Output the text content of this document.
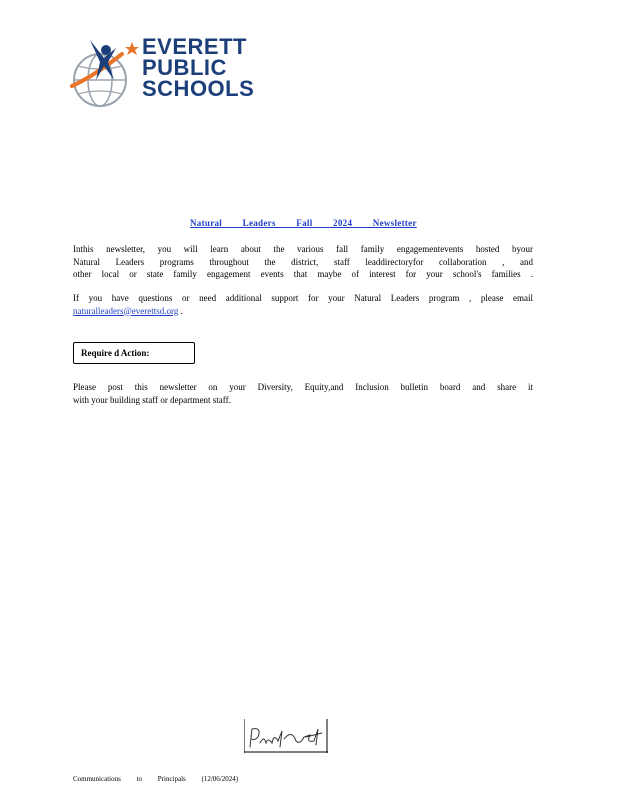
EVERETT
PUBLIC
SCHOOLS
Natural Leaders Fall 2024 Newsletter
Inthis newsletter, you will learn about the various fall family engagementevents hosted byour
Natural Leaders programs throughout the district, staff leaddirectoryfor collaboration , and
other local or state family engagement events that maybe of interest for your school's families .
If you have questions or need additional support for your Natural Leaders program , please email
naturalleaders@everettsd.org .
Require d Action:
Please post this newsletter on your Diversity, Equity,and Inclusion bulletin board and share it
with your building staff or department staff.
Communications to Principals (12/06/2024)
